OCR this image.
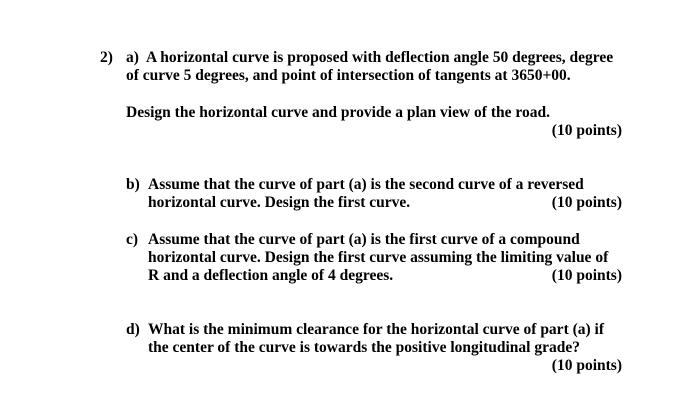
2) a) A horizontal curve is proposed with deflection angle 50 degrees, degree
of curve 5 degrees, and point of intersection of tangents at 3650+00.
Design the horizontal curve and provide a plan view of the road.
(10 points)
b) Assume that the curve of part (a) is the second curve of a reversed
horizontal curve. Design the first curve.	(10 points)
c) Assume that the curve of part (a) is the first curve of a compound
horizontal curve. Design the first curve assuming the limiting value of
R and a deflection angle of 4 degrees.	(10 points)
d) What is the minimum clearance for the horizontal curve of part (a) if
the center of the curve is towards the positive longitudinal grade?
(10 points)
